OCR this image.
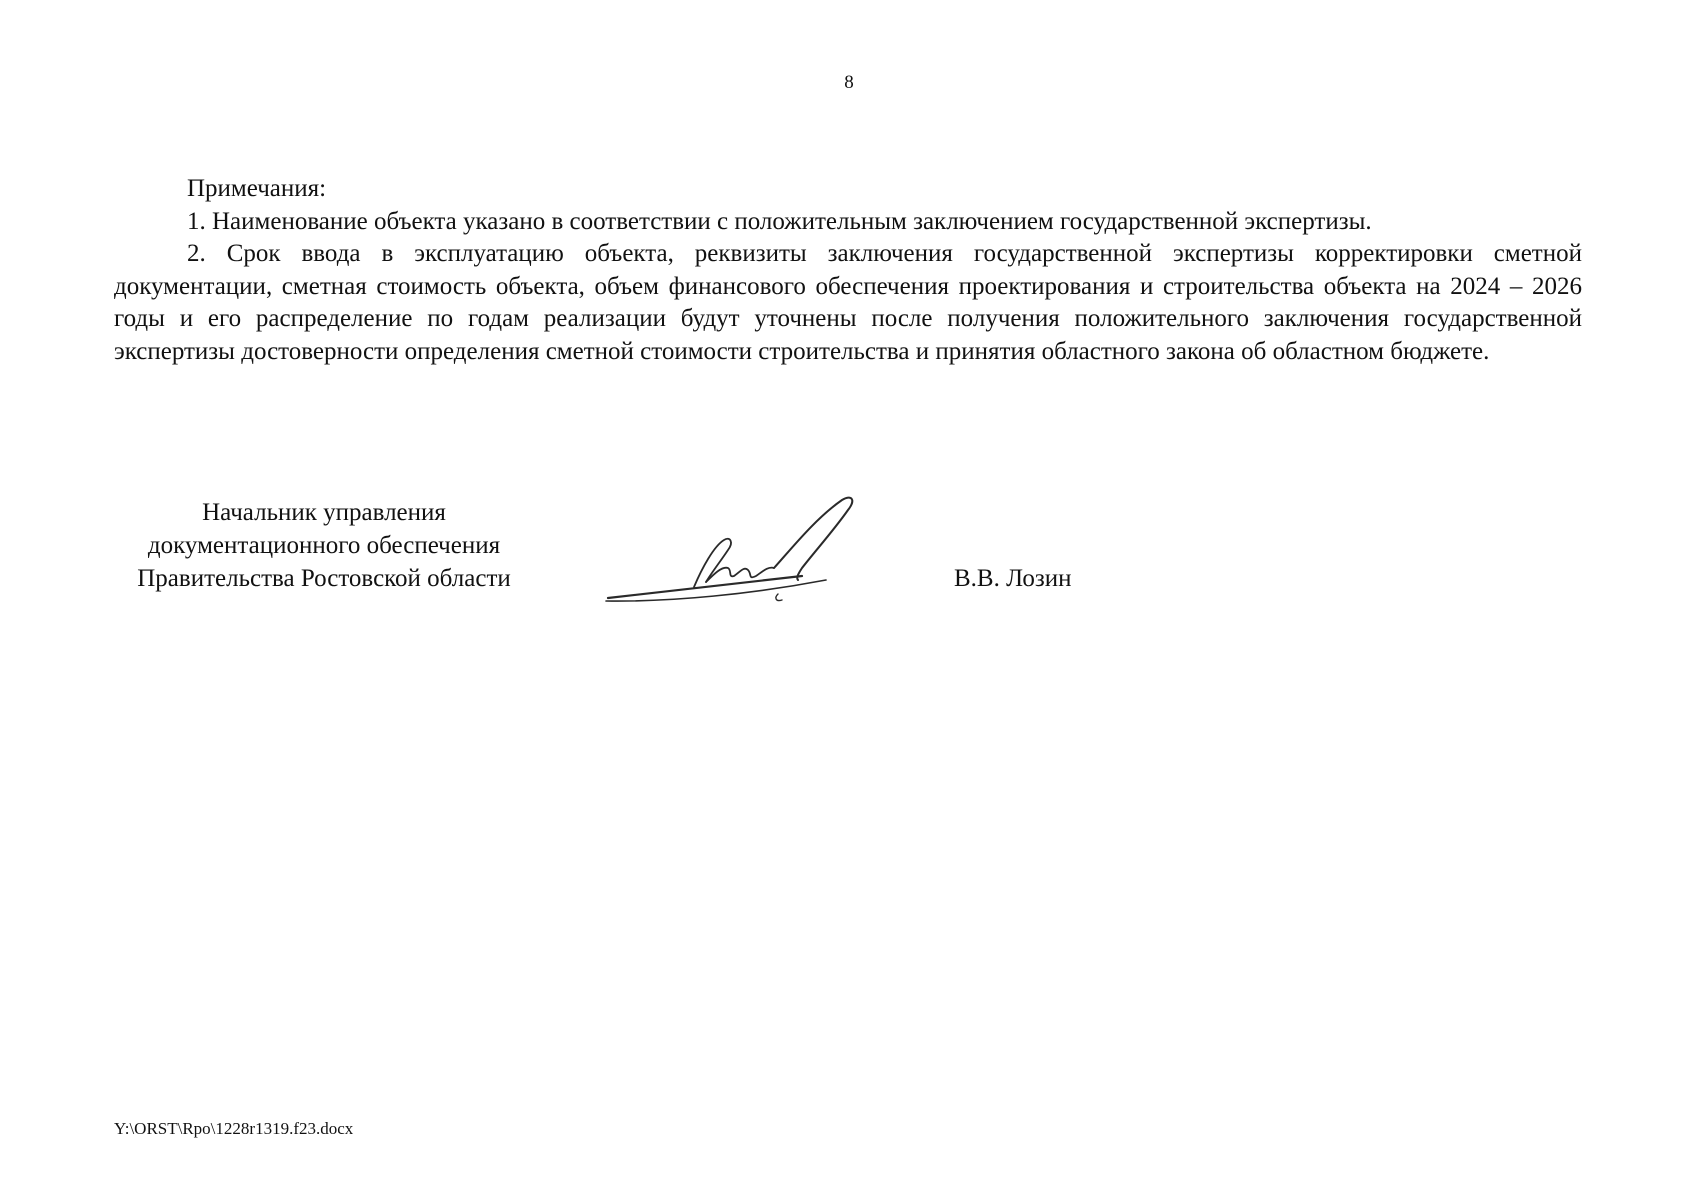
8

Примечания:

1. Наименование объекта указано в соответствии с положительным заключением государственной экспертизы.

2. Срок ввода в эксплуатацию объекта, реквизиты заключения государственной экспертизы корректировки сметной документации, сметная стоимость объекта, объем финансового обеспечения проектирования и строительства объекта на 2024 – 2026 годы и его распределение по годам реализации будут уточнены после получения положительного заключения государственной экспертизы достоверности определения сметной стоимости строительства и принятия областного закона об областном бюджете.

Начальник управления
документационного обеспечения
Правительства Ростовской области	В.В. Лозин
Y:\ORST\Rpo\1228r1319.f23.docx
